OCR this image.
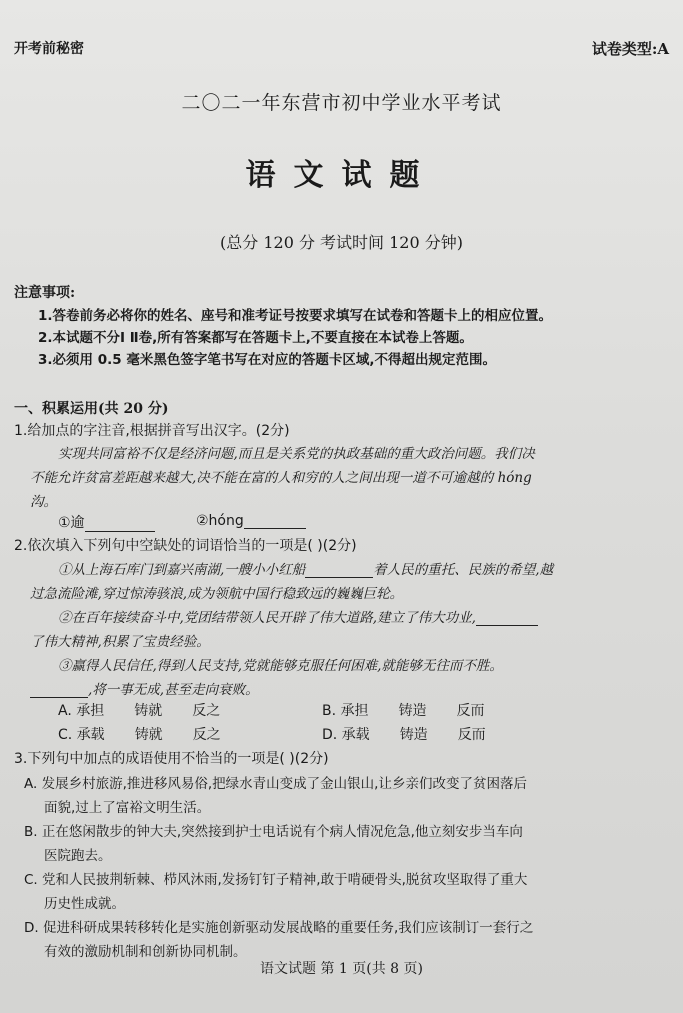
开考前秘密	试卷类型:A
二〇二一年东营市初中学业水平考试
语文试题
(总分 120 分 考试时间 120 分钟)
注意事项:
1.答卷前务必将你的姓名、座号和准考证号按要求填写在试卷和答题卡上的相应位置。
2.本试题不分Ⅰ Ⅱ卷,所有答案都写在答题卡上,不要直接在本试卷上答题。
3.必须用 0.5 毫米黑色签字笔书写在对应的答题卡区域,不得超出规定范围。
一、积累运用(共 20 分)
1.给加点的字注音,根据拼音写出汉字。(2分)
实现共同富裕不仅是经济问题,而且是关系党的执政基础的重大政治问题。我们决
不能允许贫富差距越来越大,决不能在富的人和穷的人之间出现一道不可逾越的 hóng
沟。
①逾	②hóng
2.依次填入下列句中空缺处的词语恰当的一项是( )(2分)
①从上海石库门到嘉兴南湖,一艘小小红船	着人民的重托、民族的希望,越
过急流险滩,穿过惊涛骇浪,成为领航中国行稳致远的巍巍巨轮。
②在百年接续奋斗中,党团结带领人民开辟了伟大道路,建立了伟大功业,
了伟大精神,积累了宝贵经验。
③赢得人民信任,得到人民支持,党就能够克服任何困难,就能够无往而不胜。
,将一事无成,甚至走向衰败。
A. 承担 铸就 反之	B. 承担 铸造 反而
C. 承载 铸就 反之	D. 承载 铸造 反而
3.下列句中加点的成语使用不恰当的一项是( )(2分)
A. 发展乡村旅游,推进移风易俗,把绿水青山变成了金山银山,让乡亲们改变了贫困落后
面貌,过上了富裕文明生活。
B. 正在悠闲散步的钟大夫,突然接到护士电话说有个病人情况危急,他立刻安步当车向
医院跑去。
C. 党和人民披荆斩棘、栉风沐雨,发扬钉钉子精神,敢于啃硬骨头,脱贫攻坚取得了重大
历史性成就。
D. 促进科研成果转移转化是实施创新驱动发展战略的重要任务,我们应该制订一套行之
有效的激励机制和创新协同机制。
语文试题 第 1 页(共 8 页)
